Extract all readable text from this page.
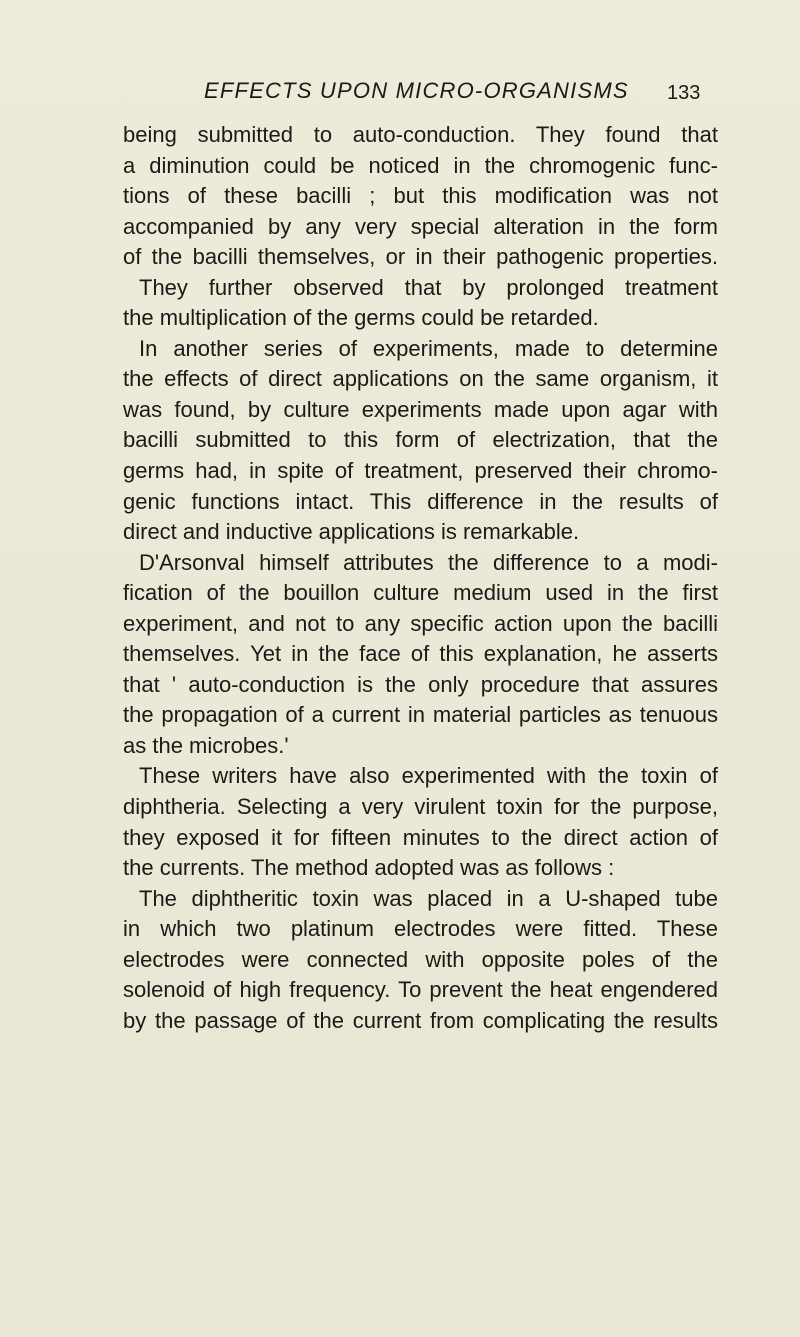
EFFECTS UPON MICRO-ORGANISMS 133
being submitted to auto-conduction. They found that
a diminution could be noticed in the chromogenic func-
tions of these bacilli ; but this modification was not
accompanied by any very special alteration in the form
of the bacilli themselves, or in their pathogenic properties.
They further observed that by prolonged treatment
the multiplication of the germs could be retarded.
In another series of experiments, made to determine
the effects of direct applications on the same organism, it
was found, by culture experiments made upon agar with
bacilli submitted to this form of electrization, that the
germs had, in spite of treatment, preserved their chromo-
genic functions intact. This difference in the results of
direct and inductive applications is remarkable.
D'Arsonval himself attributes the difference to a modi-
fication of the bouillon culture medium used in the first
experiment, and not to any specific action upon the bacilli
themselves. Yet in the face of this explanation, he asserts
that ' auto-conduction is the only procedure that assures
the propagation of a current in material particles as tenuous
as the microbes.'
These writers have also experimented with the toxin of
diphtheria. Selecting a very virulent toxin for the purpose,
they exposed it for fifteen minutes to the direct action of
the currents. The method adopted was as follows :
The diphtheritic toxin was placed in a U-shaped tube
in which two platinum electrodes were fitted. These
electrodes were connected with opposite poles of the
solenoid of high frequency. To prevent the heat engendered
by the passage of the current from complicating the results
